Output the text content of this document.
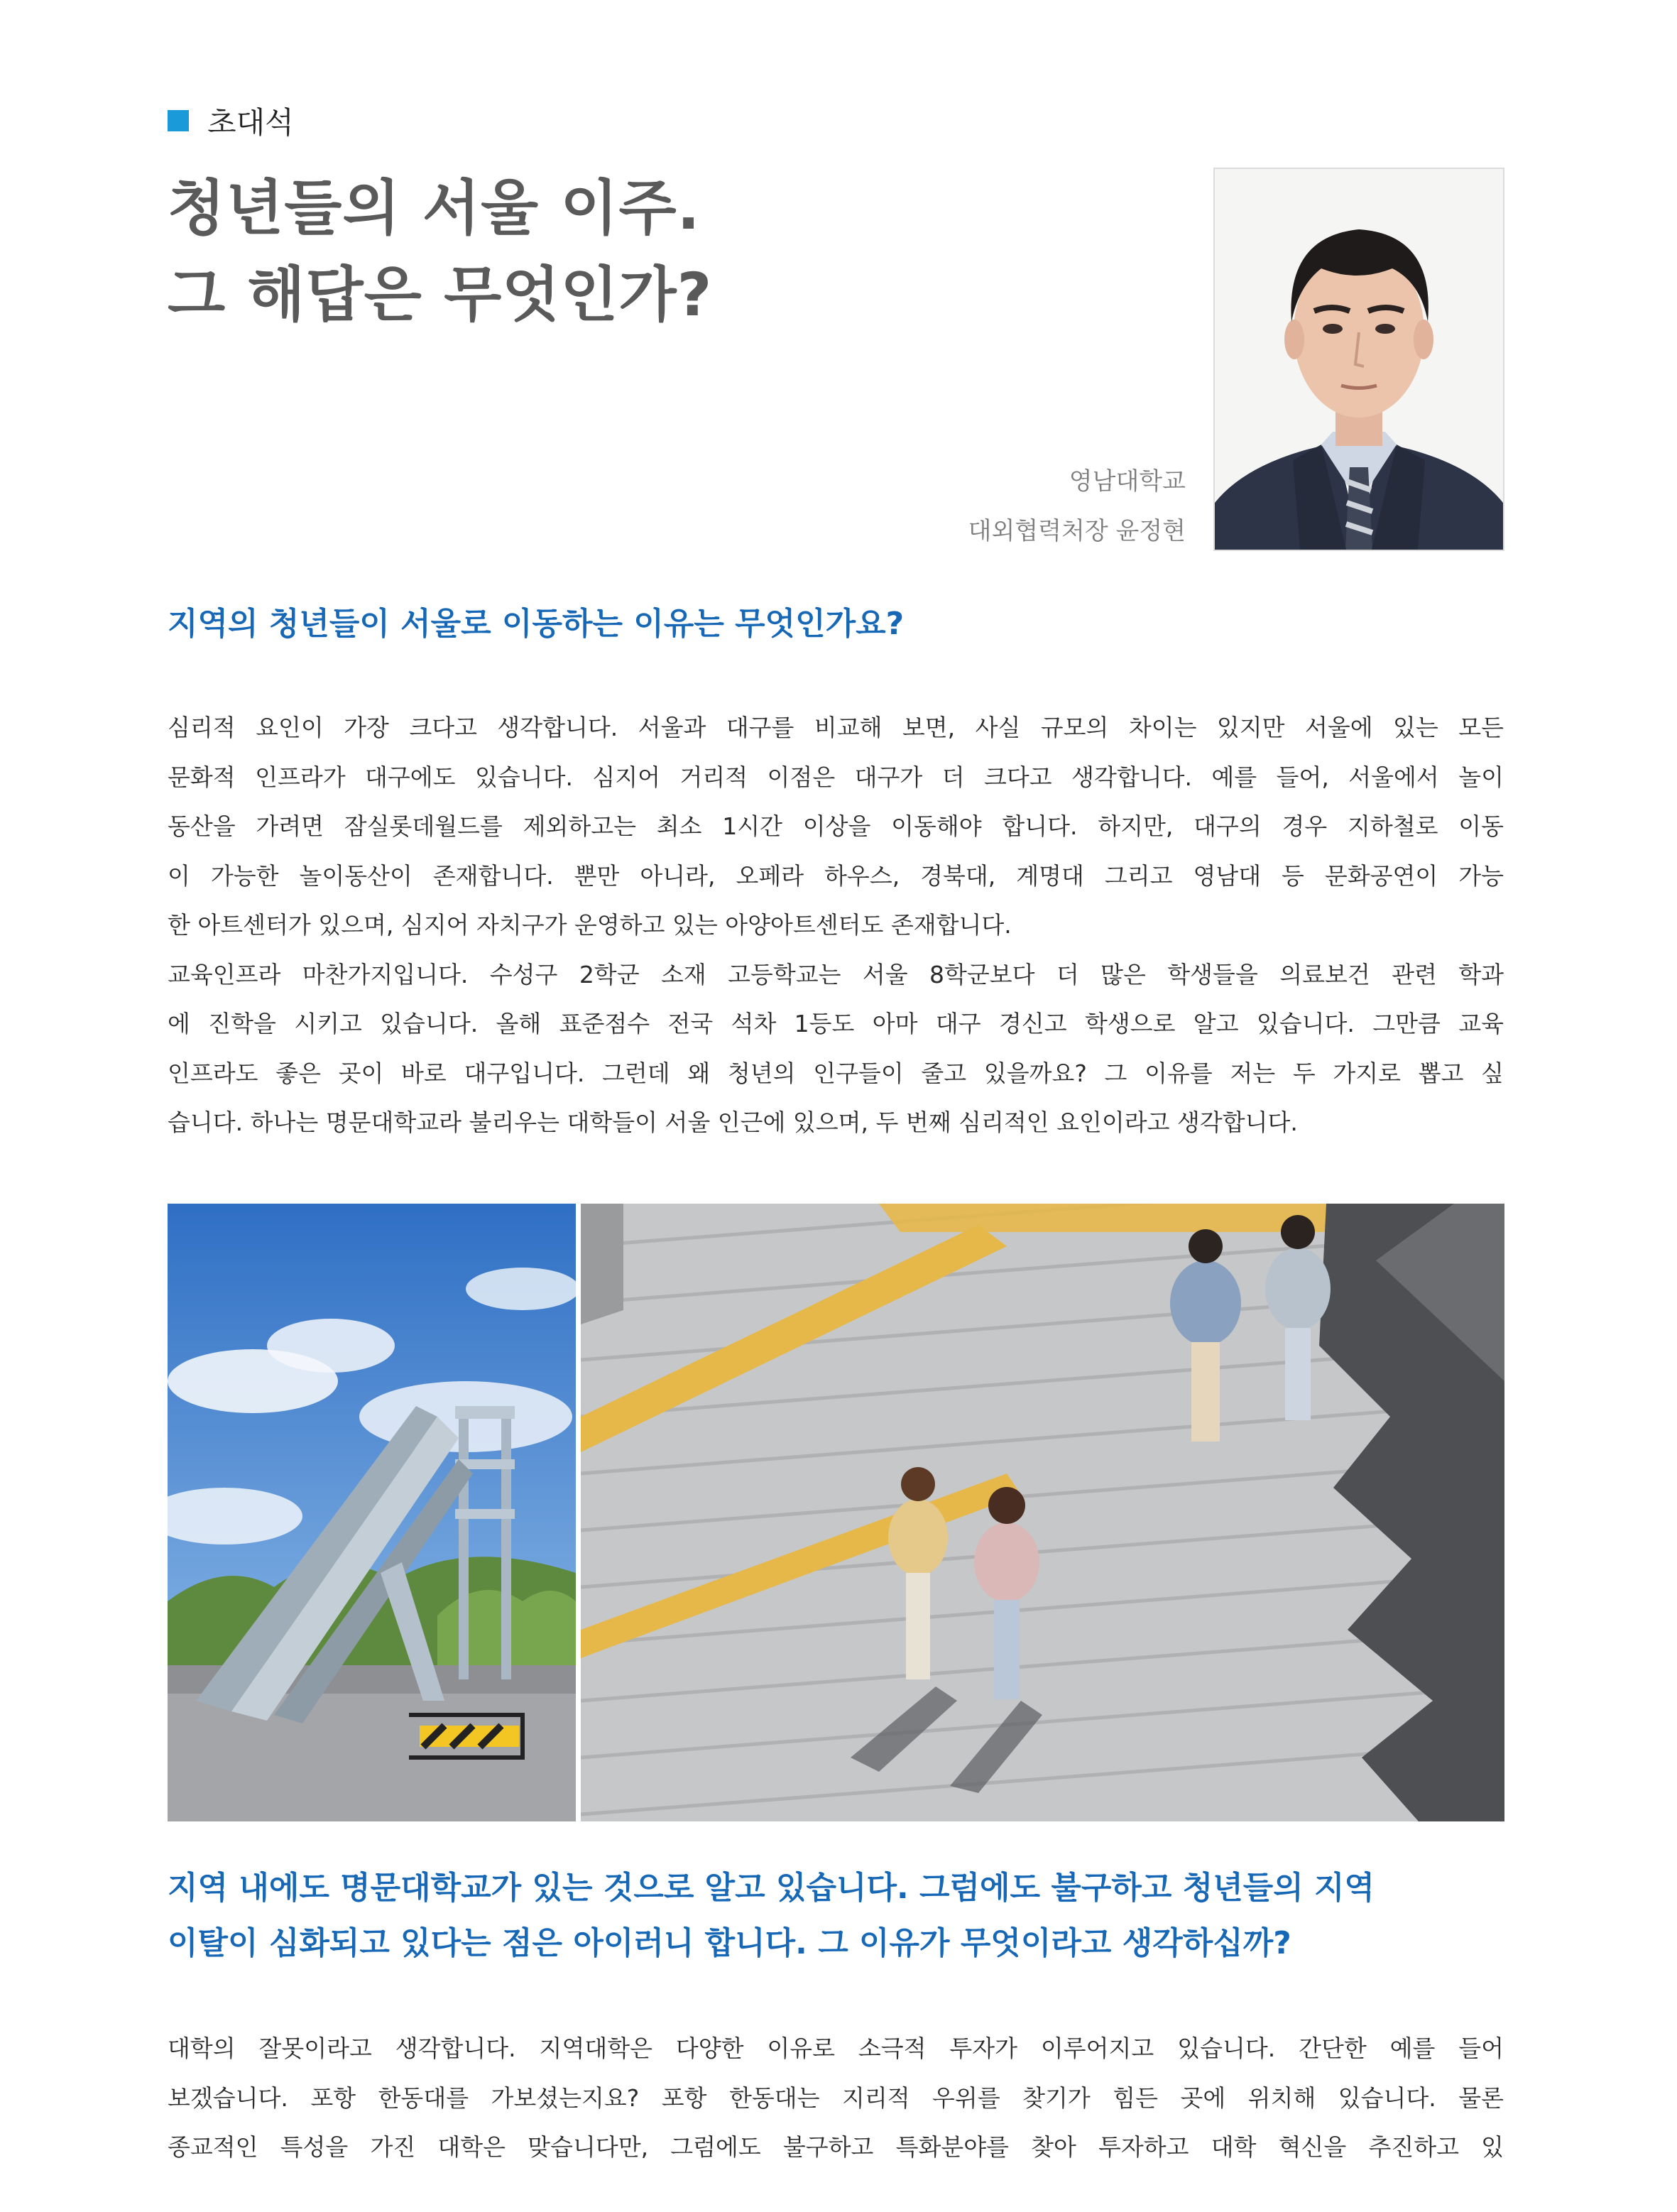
초대석
청년들의 서울 이주.
그 해답은 무엇인가?
영남대학교
대외협력처장 윤정현
지역의 청년들이 서울로 이동하는 이유는 무엇인가요?
심리적 요인이 가장 크다고 생각합니다. 서울과 대구를 비교해 보면, 사실 규모의 차이는 있지만 서울에 있는 모든
문화적 인프라가 대구에도 있습니다. 심지어 거리적 이점은 대구가 더 크다고 생각합니다. 예를 들어, 서울에서 놀이
동산을 가려면 잠실롯데월드를 제외하고는 최소 1시간 이상을 이동해야 합니다. 하지만, 대구의 경우 지하철로 이동
이 가능한 놀이동산이 존재합니다. 뿐만 아니라, 오페라 하우스, 경북대, 계명대 그리고 영남대 등 문화공연이 가능
한 아트센터가 있으며, 심지어 자치구가 운영하고 있는 아양아트센터도 존재합니다.
교육인프라 마찬가지입니다. 수성구 2학군 소재 고등학교는 서울 8학군보다 더 많은 학생들을 의료보건 관련 학과
에 진학을 시키고 있습니다. 올해 표준점수 전국 석차 1등도 아마 대구 경신고 학생으로 알고 있습니다. 그만큼 교육
인프라도 좋은 곳이 바로 대구입니다. 그런데 왜 청년의 인구들이 줄고 있을까요? 그 이유를 저는 두 가지로 뽑고 싶
습니다. 하나는 명문대학교라 불리우는 대학들이 서울 인근에 있으며, 두 번째 심리적인 요인이라고 생각합니다.
지역 내에도 명문대학교가 있는 것으로 알고 있습니다. 그럼에도 불구하고 청년들의 지역
이탈이 심화되고 있다는 점은 아이러니 합니다. 그 이유가 무엇이라고 생각하십까?
대학의 잘못이라고 생각합니다. 지역대학은 다양한 이유로 소극적 투자가 이루어지고 있습니다. 간단한 예를 들어
보겠습니다. 포항 한동대를 가보셨는지요? 포항 한동대는 지리적 우위를 찾기가 힘든 곳에 위치해 있습니다. 물론
종교적인 특성을 가진 대학은 맞습니다만, 그럼에도 불구하고 특화분야를 찾아 투자하고 대학 혁신을 추진하고 있
